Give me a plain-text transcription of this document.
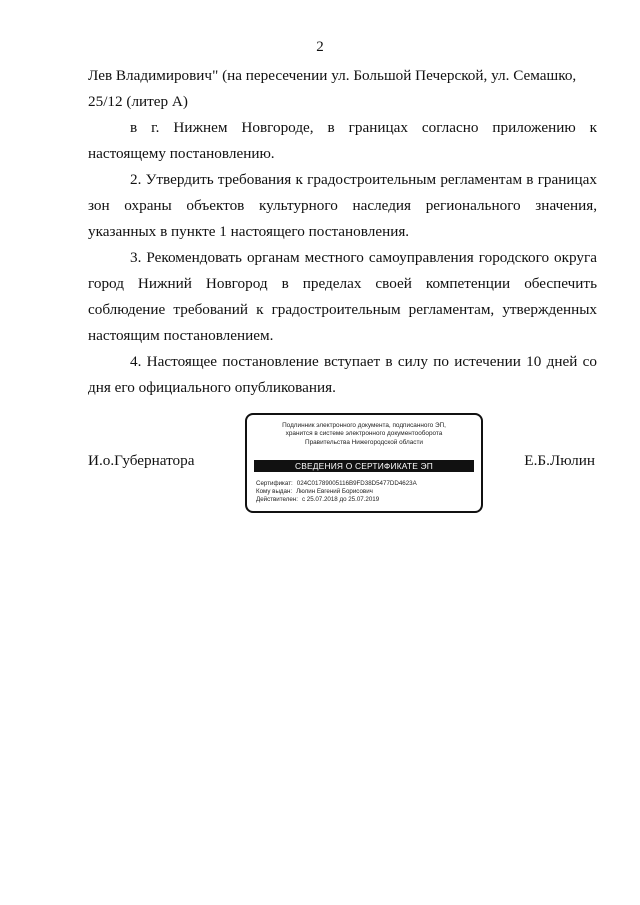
2

Лев Владимирович" (на пересечении ул. Большой Печерской, ул. Семашко,

25/12 (литер А)

в г. Нижнем Новгороде, в границах согласно приложению к настоящему постановлению.

2. Утвердить требования к градостроительным регламентам в границах зон охраны объектов культурного наследия регионального значения, указанных в пункте 1 настоящего постановления.

3. Рекомендовать органам местного самоуправления городского округа город Нижний Новгород в пределах своей компетенции обеспечить соблюдение требований к градостроительным регламентам, утвержденных настоящим постановлением.

4. Настоящее постановление вступает в силу по истечении 10 дней со дня его официального опубликования.

И.о.Губернатора
Подлинник электронного документа, подписанного ЭП,
хранится в системе электронного документооборота
Правительства Нижегородской области
СВЕДЕНИЯ О СЕРТИФИКАТЕ ЭП
Сертификат: 024C01789005116B9FD38D5477DD4623A
Кому выдан: Люлин Евгений Борисович
Действителен: с 25.07.2018 до 25.07.2019
Е.Б.Люлин
